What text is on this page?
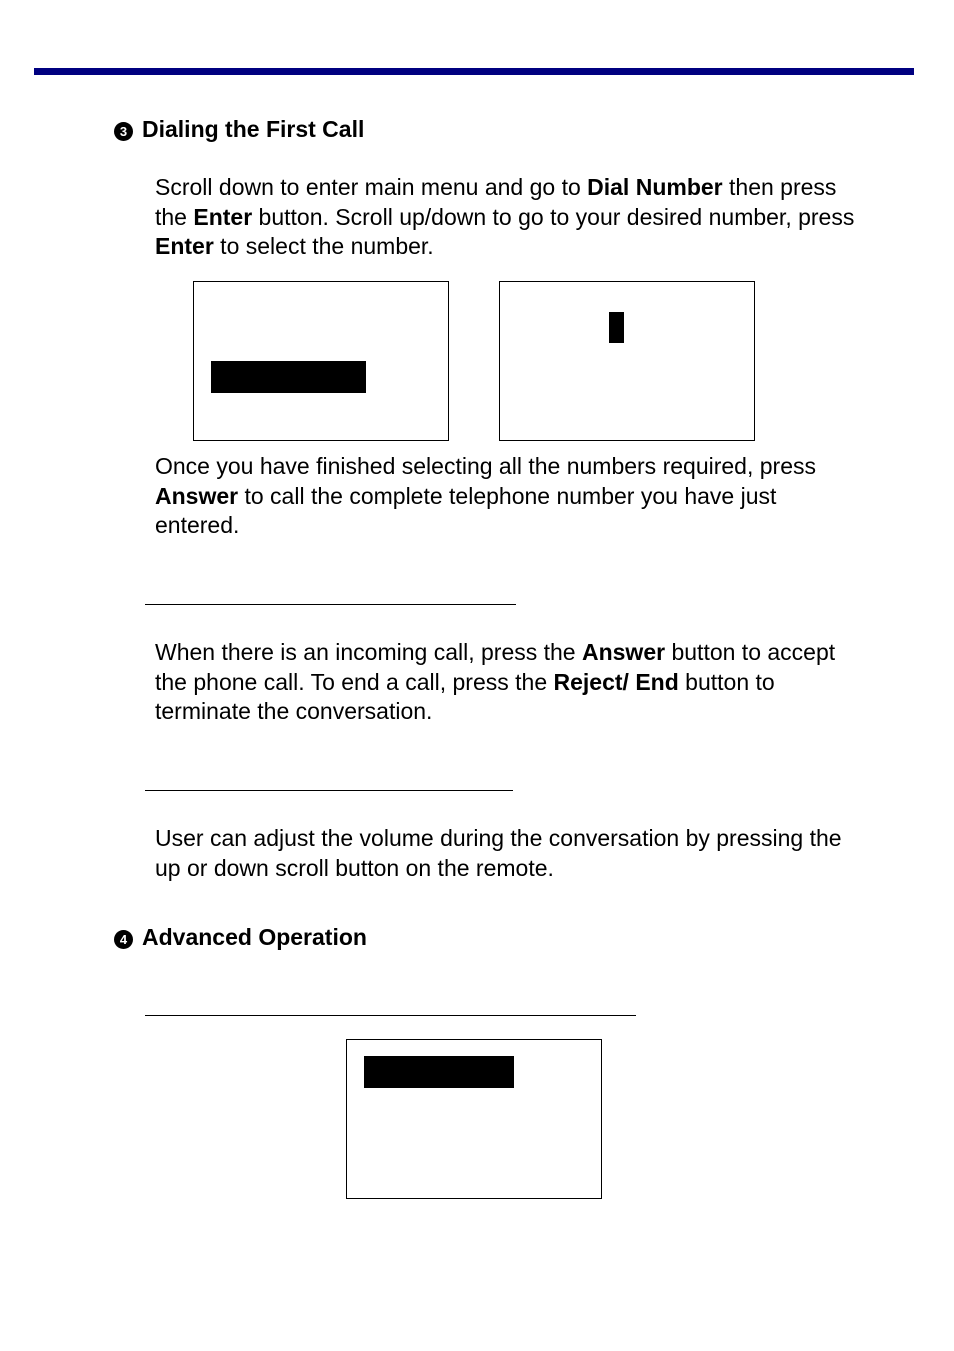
3 Dialing the First Call

Scroll down to enter main menu and go to Dial Number then press the Enter button. Scroll up/down to go to your desired number, press Enter to select the number.

Once you have finished selecting all the numbers required, press Answer to call the complete telephone number you have just entered.

When there is an incoming call, press the Answer button to accept the phone call. To end a call, press the Reject/ End button to terminate the conversation.

User can adjust the volume during the conversation by pressing the up or down scroll button on the remote.

4 Advanced Operation
